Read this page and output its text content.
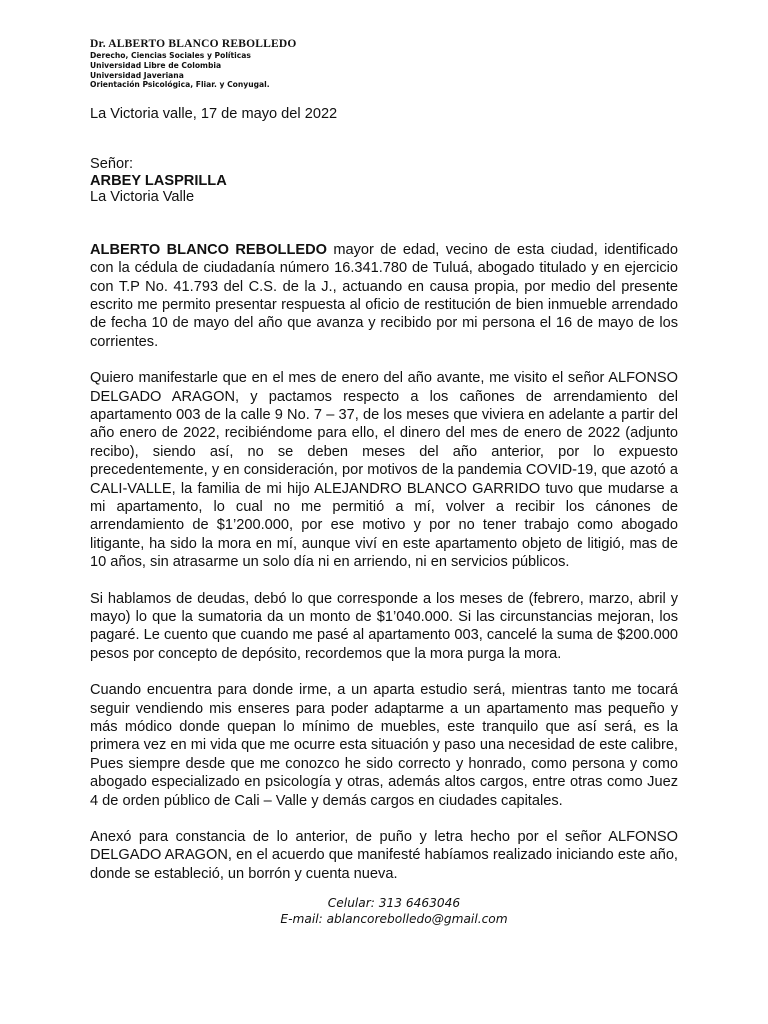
Dr. ALBERTO BLANCO REBOLLEDO
Derecho, Ciencias Sociales y Políticas
Universidad Libre de Colombia
Universidad Javeriana
Orientación Psicológica, Fliar. y Conyugal.
La Victoria valle, 17 de mayo del 2022
Señor:
ARBEY LASPRILLA
La Victoria Valle

ALBERTO BLANCO REBOLLEDO mayor de edad, vecino de esta ciudad, identificado con la cédula de ciudadanía número 16.341.780 de Tuluá, abogado titulado y en ejercicio con T.P No. 41.793 del C.S. de la J., actuando en causa propia, por medio del presente escrito me permito presentar respuesta al oficio de restitución de bien inmueble arrendado de fecha 10 de mayo del año que avanza y recibido por mi persona el 16 de mayo de los corrientes.

Quiero manifestarle que en el mes de enero del año avante, me visito el señor ALFONSO DELGADO ARAGON, y pactamos respecto a los cañones de arrendamiento del apartamento 003 de la calle 9 No. 7 – 37, de los meses que viviera en adelante a partir del año enero de 2022, recibiéndome para ello, el dinero del mes de enero de 2022 (adjunto recibo), siendo así, no se deben meses del año anterior, por lo expuesto precedentemente, y en consideración, por motivos de la pandemia COVID-19, que azotó a CALI-VALLE, la familia de mi hijo ALEJANDRO BLANCO GARRIDO tuvo que mudarse a mi apartamento, lo cual no me permitió a mí, volver a recibir los cánones de arrendamiento de $1’200.000, por ese motivo y por no tener trabajo como abogado litigante, ha sido la mora en mí, aunque viví en este apartamento objeto de litigió, mas de 10 años, sin atrasarme un solo día ni en arriendo, ni en servicios públicos.

Si hablamos de deudas, debó lo que corresponde a los meses de (febrero, marzo, abril y mayo) lo que la sumatoria da un monto de $1’040.000. Si las circunstancias mejoran, los pagaré. Le cuento que cuando me pasé al apartamento 003, cancelé la suma de $200.000 pesos por concepto de depósito, recordemos que la mora purga la mora.

Cuando encuentra para donde irme, a un aparta estudio será, mientras tanto me tocará seguir vendiendo mis enseres para poder adaptarme a un apartamento mas pequeño y más módico donde quepan lo mínimo de muebles, este tranquilo que así será, es la primera vez en mi vida que me ocurre esta situación y paso una necesidad de este calibre, Pues siempre desde que me conozco he sido correcto y honrado, como persona y como abogado especializado en psicología y otras, además altos cargos, entre otras como Juez 4 de orden público de Cali – Valle y demás cargos en ciudades capitales.

Anexó para constancia de lo anterior, de puño y letra hecho por el señor ALFONSO DELGADO ARAGON, en el acuerdo que manifesté habíamos realizado iniciando este año, donde se estableció, un borrón y cuenta nueva.

Celular: 313 6463046
E-mail: ablancorebolledo@gmail.com
